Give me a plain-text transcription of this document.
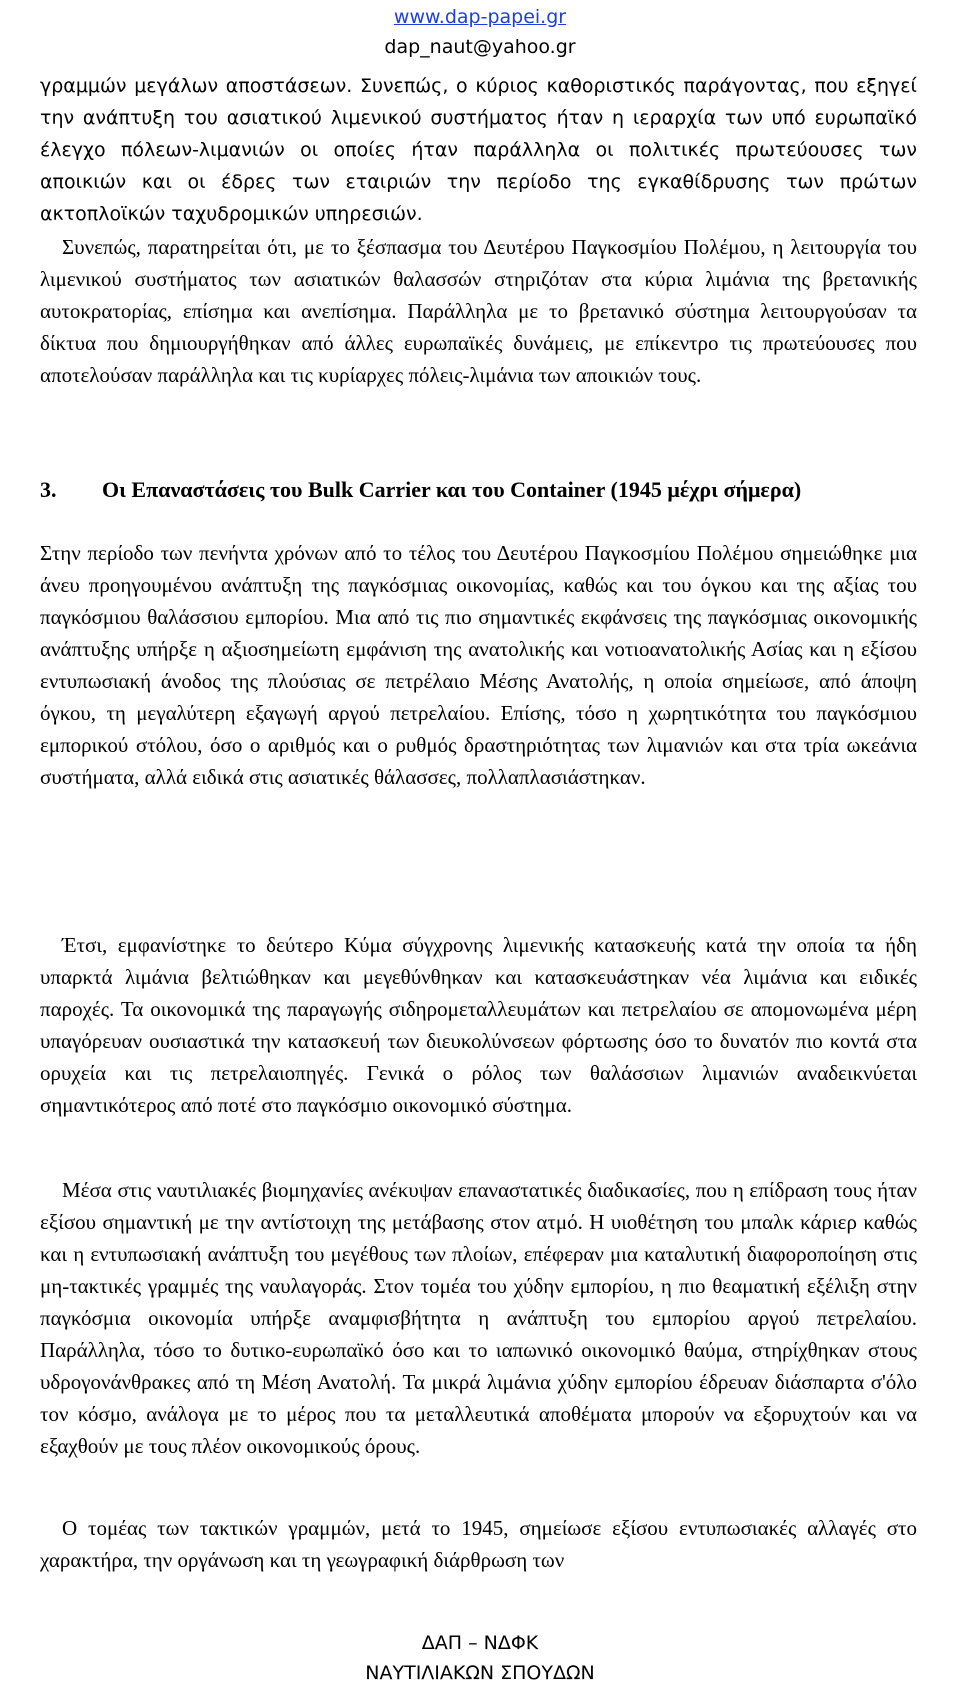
www.dap-papei.gr
dap_naut@yahoo.gr

γραμμών μεγάλων αποστάσεων. Συνεπώς, ο κύριος καθοριστικός παράγοντας, που εξηγεί την ανάπτυξη του ασιατικού λιμενικού συστήματος ήταν η ιεραρχία των υπό ευρωπαϊκό έλεγχο πόλεων-λιμανιών οι οποίες ήταν παράλληλα οι πολιτικές πρωτεύουσες των αποικιών και οι έδρες των εταιριών την περίοδο της εγκαθίδρυσης των πρώτων ακτοπλοϊκών ταχυδρομικών υπηρεσιών.

Συνεπώς, παρατηρείται ότι, με το ξέσπασμα του Δευτέρου Παγκοσμίου Πολέμου, η λειτουργία του λιμενικού συστήματος των ασιατικών θαλασσών στηριζόταν στα κύρια λιμάνια της βρετανικής αυτοκρατορίας, επίσημα και ανεπίσημα. Παράλληλα με το βρετανικό σύστημα λειτουργούσαν τα δίκτυα που δημιουργήθηκαν από άλλες ευρωπαϊκές δυνάμεις, με επίκεντρο τις πρωτεύουσες που αποτελούσαν παράλληλα και τις κυρίαρχες πόλεις-λιμάνια των αποικιών τους.

3. Οι Επαναστάσεις του Bulk Carrier και του Container (1945 μέχρι σήμερα)

Στην περίοδο των πενήντα χρόνων από το τέλος του Δευτέρου Παγκοσμίου Πολέμου σημειώθηκε μια άνευ προηγουμένου ανάπτυξη της παγκόσμιας οικονομίας, καθώς και του όγκου και της αξίας του παγκόσμιου θαλάσσιου εμπορίου. Μια από τις πιο σημαντικές εκφάνσεις της παγκόσμιας οικονομικής ανάπτυξης υπήρξε η αξιοσημείωτη εμφάνιση της ανατολικής και νοτιοανατολικής Ασίας και η εξίσου εντυπωσιακή άνοδος της πλούσιας σε πετρέλαιο Μέσης Ανατολής, η οποία σημείωσε, από άποψη όγκου, τη μεγαλύτερη εξαγωγή αργού πετρελαίου. Επίσης, τόσο η χωρητικότητα του παγκόσμιου εμπορικού στόλου, όσο ο αριθμός και ο ρυθμός δραστηριότητας των λιμανιών και στα τρία ωκεάνια συστήματα, αλλά ειδικά στις ασιατικές θάλασσες, πολλαπλασιάστηκαν.

Έτσι, εμφανίστηκε το δεύτερο Κύμα σύγχρονης λιμενικής κατασκευής κατά την οποία τα ήδη υπαρκτά λιμάνια βελτιώθηκαν και μεγεθύνθηκαν και κατασκευάστηκαν νέα λιμάνια και ειδικές παροχές. Τα οικονομικά της παραγωγής σιδηρομεταλλευμάτων και πετρελαίου σε απομονωμένα μέρη υπαγόρευαν ουσιαστικά την κατασκευή των διευκολύνσεων φόρτωσης όσο το δυνατόν πιο κοντά στα ορυχεία και τις πετρελαιοπηγές. Γενικά ο ρόλος των θαλάσσιων λιμανιών αναδεικνύεται σημαντικότερος από ποτέ στο παγκόσμιο οικονομικό σύστημα.

Μέσα στις ναυτιλιακές βιομηχανίες ανέκυψαν επαναστατικές διαδικασίες, που η επίδραση τους ήταν εξίσου σημαντική με την αντίστοιχη της μετάβασης στον ατμό. Η υιοθέτηση του μπαλκ κάριερ καθώς και η εντυπωσιακή ανάπτυξη του μεγέθους των πλοίων, επέφεραν μια καταλυτική διαφοροποίηση στις μη-τακτικές γραμμές της ναυλαγοράς. Στον τομέα του χύδην εμπορίου, η πιο θεαματική εξέλιξη στην παγκόσμια οικονομία υπήρξε αναμφισβήτητα η ανάπτυξη του εμπορίου αργού πετρελαίου. Παράλληλα, τόσο το δυτικο-ευρωπαϊκό όσο και το ιαπωνικό οικονομικό θαύμα, στηρίχθηκαν στους υδρογονάνθρακες από τη Μέση Ανατολή. Τα μικρά λιμάνια χύδην εμπορίου έδρευαν διάσπαρτα σ'όλο τον κόσμο, ανάλογα με το μέρος που τα μεταλλευτικά αποθέματα μπορούν να εξορυχτούν και να εξαχθούν με τους πλέον οικονομικούς όρους.

Ο τομέας των τακτικών γραμμών, μετά το 1945, σημείωσε εξίσου εντυπωσιακές αλλαγές στο χαρακτήρα, την οργάνωση και τη γεωγραφική διάρθρωση των

ΔΑΠ – ΝΔΦΚ
ΝΑΥΤΙΛΙΑΚΩΝ ΣΠΟΥΔΩΝ
